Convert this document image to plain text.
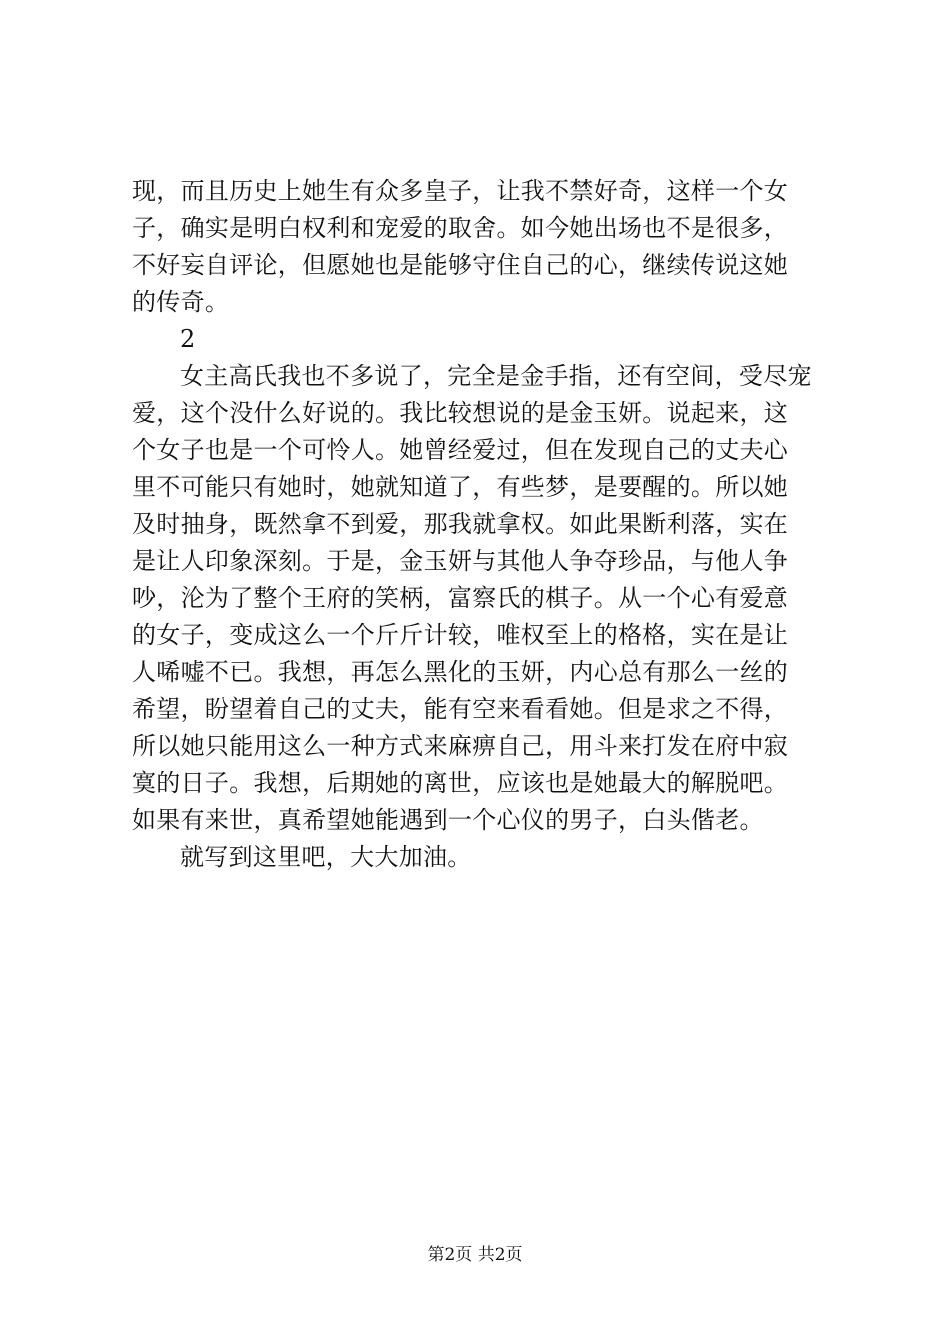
现，而且历史上她生有众多皇子，让我不禁好奇，这样一个女
子，确实是明白权利和宠爱的取舍。如今她出场也不是很多，
不好妄自评论，但愿她也是能够守住自己的心，继续传说这她
的传奇。
2
女主高氏我也不多说了，完全是金手指，还有空间，受尽宠
爱，这个没什么好说的。我比较想说的是金玉妍。说起来，这
个女子也是一个可怜人。她曾经爱过，但在发现自己的丈夫心
里不可能只有她时，她就知道了，有些梦，是要醒的。所以她
及时抽身，既然拿不到爱，那我就拿权。如此果断利落，实在
是让人印象深刻。于是，金玉妍与其他人争夺珍品，与他人争
吵，沦为了整个王府的笑柄，富察氏的棋子。从一个心有爱意
的女子，变成这么一个斤斤计较，唯权至上的格格，实在是让
人唏嘘不已。我想，再怎么黑化的玉妍，内心总有那么一丝的
希望，盼望着自己的丈夫，能有空来看看她。但是求之不得，
所以她只能用这么一种方式来麻痹自己，用斗来打发在府中寂
寞的日子。我想，后期她的离世，应该也是她最大的解脱吧。
如果有来世，真希望她能遇到一个心仪的男子，白头偕老。
就写到这里吧，大大加油。
第2页 共2页
